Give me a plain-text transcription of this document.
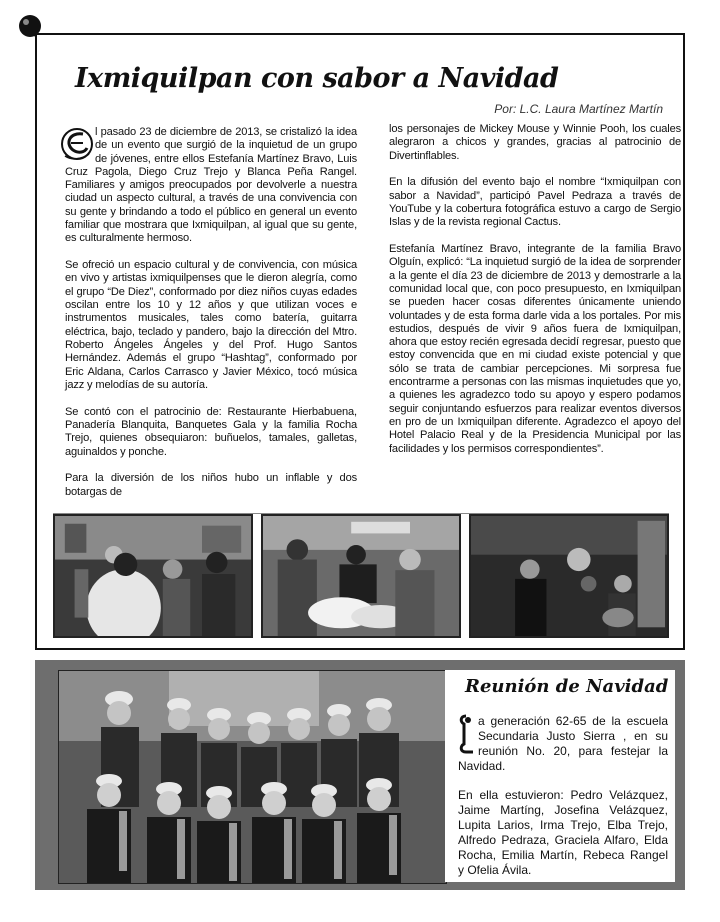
Ixmiquilpan con sabor a Navidad
Por: L.C. Laura Martínez Martín

l pasado 23 de diciembre de 2013, se cristalizó la idea de un evento que surgió de la inquietud de un grupo de jóvenes, entre ellos Estefanía Martínez Bravo, Luis Cruz Pagola, Diego Cruz Trejo y Blanca Peña Rangel. Familiares y amigos preocupados por devolverle a nuestra ciudad un aspecto cultural, a través de una convivencia con su gente y brindando a todo el público en general un evento familiar que mostrara que Ixmiquilpan, al igual que su gente, es culturalmente hermoso.

Se ofreció un espacio cultural y de convivencia, con música en vivo y artistas ixmiquilpenses que le dieron alegría, como el grupo “De Diez”, conformado por diez niños cuyas edades oscilan entre los 10 y 12 años y que utilizan voces e instrumentos musicales, tales como batería, guitarra eléctrica, bajo, teclado y pandero, bajo la dirección del Mtro. Roberto Ángeles Ángeles y del Prof. Hugo Santos Hernández. Además el grupo “Hashtag”, conformado por Eric Aldana, Carlos Carrasco y Javier México, tocó música jazz y melodías de su autoría.

Se contó con el patrocinio de: Restaurante Hierbabuena, Panadería Blanquita, Banquetes Gala y la familia Rocha Trejo, quienes obsequiaron: buñuelos, tamales, galletas, aguinaldos y ponche.

Para la diversión de los niños hubo un inflable y dos botargas de

los personajes de Mickey Mouse y Winnie Pooh, los cuales alegraron a chicos y grandes, gracias al patrocinio de Divertinflables.

En la difusión del evento bajo el nombre “Ixmiquilpan con sabor a Navidad”, participó Pavel Pedraza a través de YouTube y la cobertura fotográfica estuvo a cargo de Sergio Islas y de la revista regional Cactus.

Estefanía Martínez Bravo, integrante de la familia Bravo Olguín, explicó: “La inquietud surgió de la idea de sorprender a la gente el día 23 de diciembre de 2013 y demostrarle a la comunidad local que, con poco presupuesto, en Ixmiquilpan se pueden hacer cosas diferentes únicamente uniendo voluntades y de esta forma darle vida a los portales. Por mis estudios, después de vivir 9 años fuera de Ixmiquilpan, ahora que estoy recién egresada decidí regresar, puesto que estoy convencida que en mi ciudad existe potencial y que sólo se trata de cambiar percepciones. Mi sorpresa fue encontrarme a personas con las mismas inquietudes que yo, a quienes les agradezco todo su apoyo y espero podamos seguir conjuntando esfuerzos para realizar eventos diversos en pro de un Ixmiquilpan diferente. Agradezco el apoyo del Hotel Palacio Real y de la Presidencia Municipal por las facilidades y los permisos correspondientes”.

Reunión de Navidad

a generación 62-65 de la escuela Secundaria Justo Sierra , en su reunión No. 20, para festejar la Navidad.

En ella estuvieron: Pedro Velázquez, Jaime Martíng, Josefina Velázquez, Lupita Larios, Irma Trejo, Elba Trejo, Alfredo Pedraza, Graciela Alfaro, Elda Rocha, Emilia Martín, Rebeca Rangel y Ofelia Ávila.
